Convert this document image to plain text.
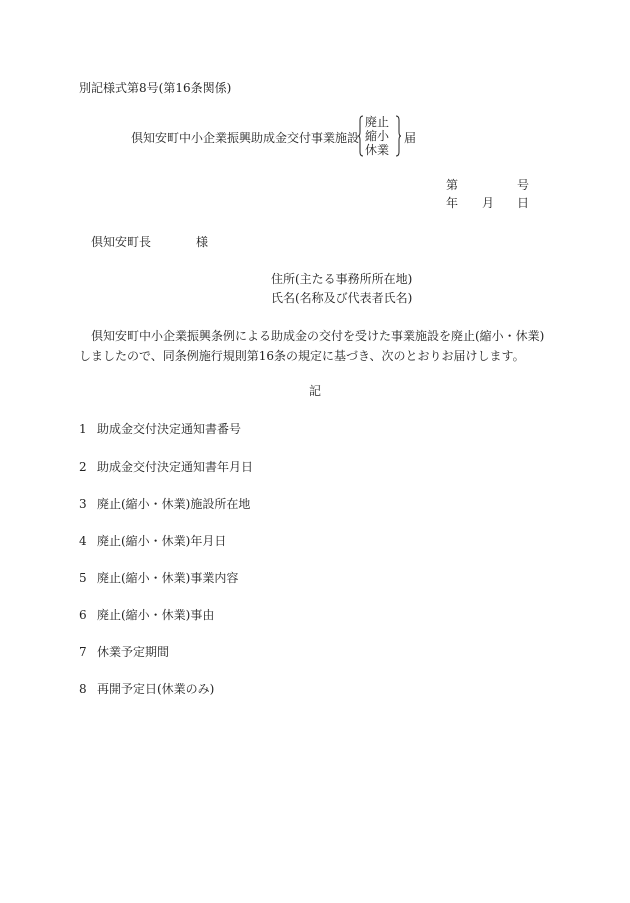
別記様式第8号(第16条関係)
倶知安町中小企業振興助成金交付事業施設
廃止
縮小
休業
届
第	号
年 月 日
倶知安町長	様
住所(主たる事務所所在地)
氏名(名称及び代表者氏名)
倶知安町中小企業振興条例による助成金の交付を受けた事業施設を廃止(縮小・休業)しましたので、同条例施行規則第16条の規定に基づき、次のとおりお届けします。
記
1 助成金交付決定通知書番号
2 助成金交付決定通知書年月日
3 廃止(縮小・休業)施設所在地
4 廃止(縮小・休業)年月日
5 廃止(縮小・休業)事業内容
6 廃止(縮小・休業)事由
7 休業予定期間
8 再開予定日(休業のみ)
